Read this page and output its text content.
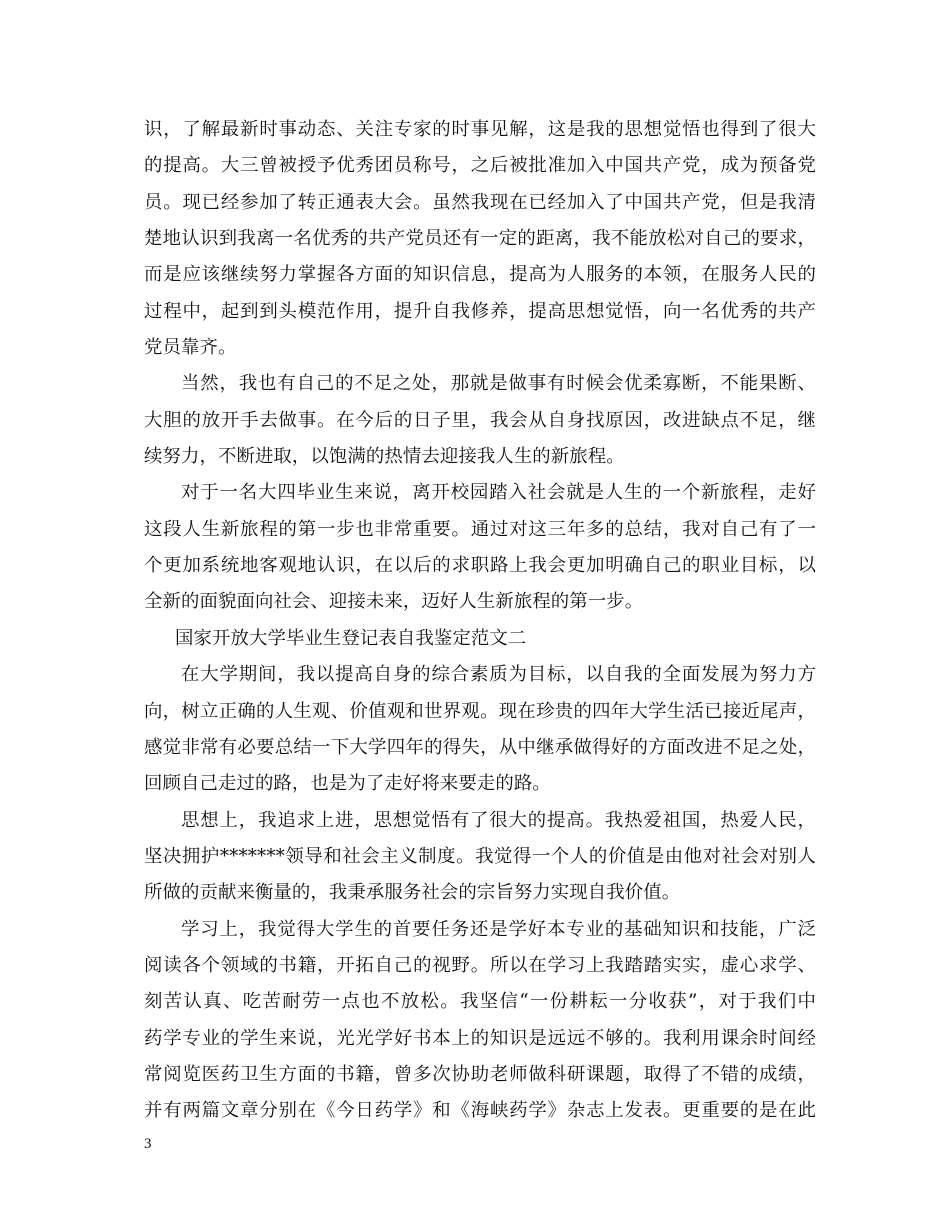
识，了解最新时事动态、关注专家的时事见解，这是我的思想觉悟也得到了很大
的提高。大三曾被授予优秀团员称号，之后被批准加入中国共产党，成为预备党
员。现已经参加了转正通表大会。虽然我现在已经加入了中国共产党，但是我清
楚地认识到我离一名优秀的共产党员还有一定的距离，我不能放松对自己的要求，
而是应该继续努力掌握各方面的知识信息，提高为人服务的本领，在服务人民的
过程中，起到到头模范作用，提升自我修养，提高思想觉悟，向一名优秀的共产
党员靠齐。
当然，我也有自己的不足之处，那就是做事有时候会优柔寡断，不能果断、
大胆的放开手去做事。在今后的日子里，我会从自身找原因，改进缺点不足，继
续努力，不断进取，以饱满的热情去迎接我人生的新旅程。
对于一名大四毕业生来说，离开校园踏入社会就是人生的一个新旅程，走好
这段人生新旅程的第一步也非常重要。通过对这三年多的总结，我对自己有了一
个更加系统地客观地认识，在以后的求职路上我会更加明确自己的职业目标，以
全新的面貌面向社会、迎接未来，迈好人生新旅程的第一步。
国家开放大学毕业生登记表自我鉴定范文二
在大学期间，我以提高自身的综合素质为目标，以自我的全面发展为努力方
向，树立正确的人生观、价值观和世界观。现在珍贵的四年大学生活已接近尾声，
感觉非常有必要总结一下大学四年的得失，从中继承做得好的方面改进不足之处，
回顾自己走过的路，也是为了走好将来要走的路。
思想上，我追求上进，思想觉悟有了很大的提高。我热爱祖国，热爱人民，
坚决拥护*******领导和社会主义制度。我觉得一个人的价值是由他对社会对别人
所做的贡献来衡量的，我秉承服务社会的宗旨努力实现自我价值。
学习上，我觉得大学生的首要任务还是学好本专业的基础知识和技能，广泛
阅读各个领域的书籍，开拓自己的视野。所以在学习上我踏踏实实，虚心求学、
刻苦认真、吃苦耐劳一点也不放松。我坚信“一份耕耘一分收获”，对于我们中
药学专业的学生来说，光光学好书本上的知识是远远不够的。我利用课余时间经
常阅览医药卫生方面的书籍，曾多次协助老师做科研课题，取得了不错的成绩，
并有两篇文章分别在《今日药学》和《海峡药学》杂志上发表。更重要的是在此
3
